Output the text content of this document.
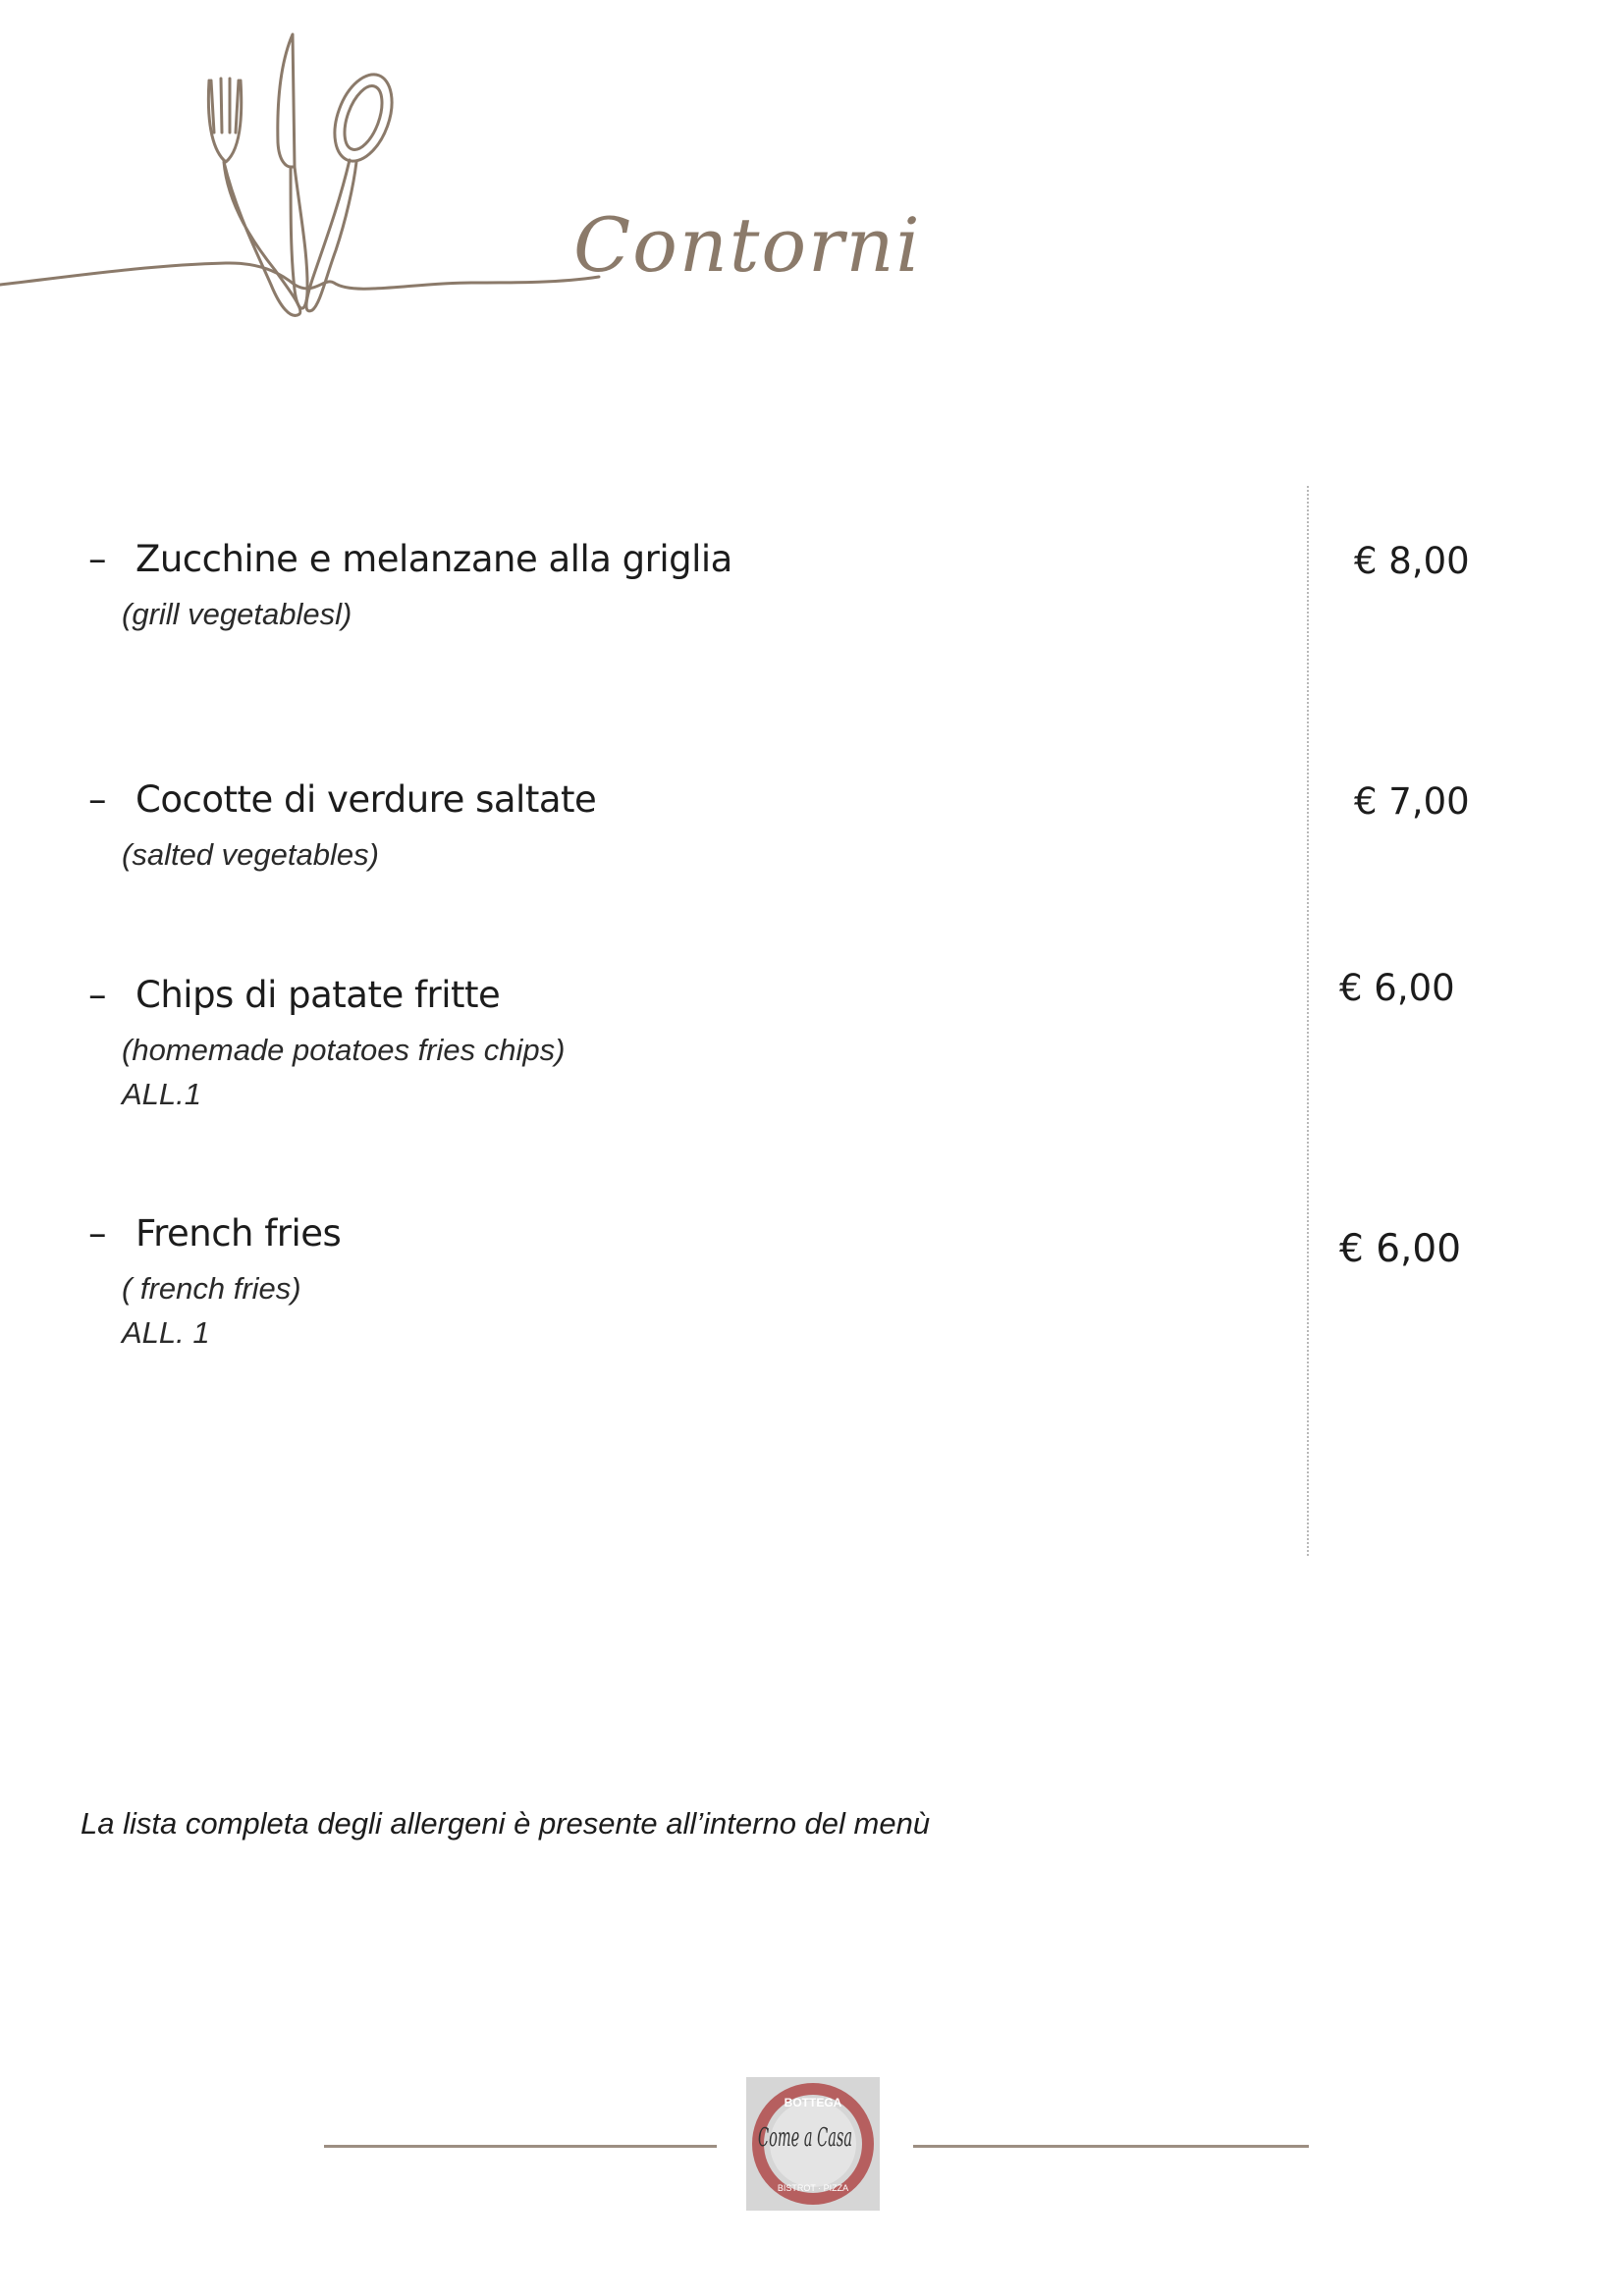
Contorni
– Zucchine e melanzane alla griglia
(grill vegetablesl)
€ 8,00
– Cocotte di verdure saltate
(salted vegetables)
€ 7,00
– Chips di patate fritte
(homemade potatoes fries chips)
ALL.1
€ 6,00
– French fries
( french fries)
ALL. 1
€ 6,00
La lista completa degli allergeni è presente all’interno del menù
BOTTEGA
Come a Casa
BISTROT · PIZZA
